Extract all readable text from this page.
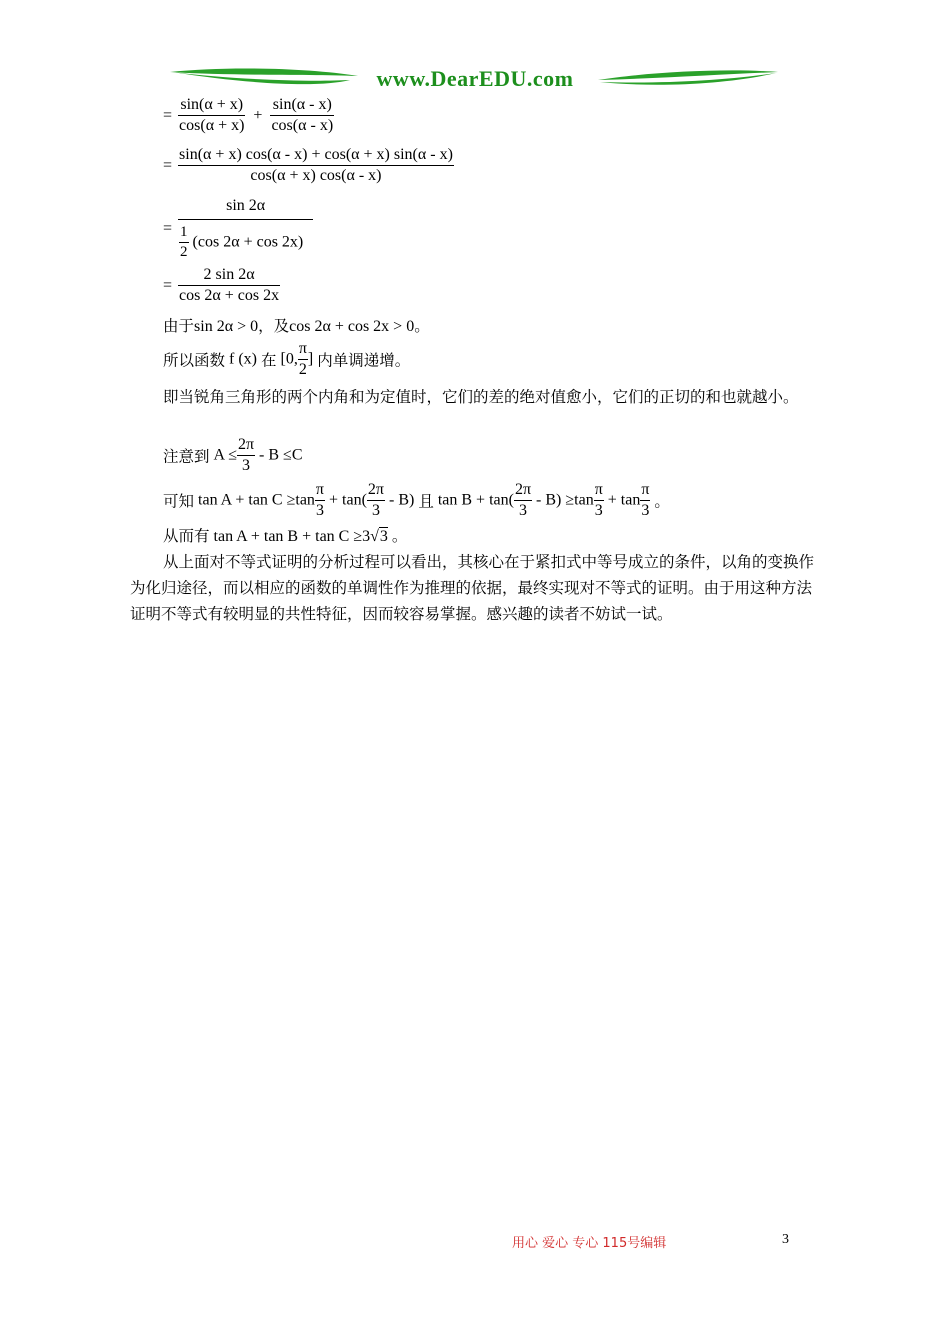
www.DearEDU.com
= $\frac{\sin(\alpha + x)}{\cos(\alpha + x)} + \frac{\sin(\alpha - x)}{\cos(\alpha - x)}$
= $\frac{\sin(\alpha + x) \cos(\alpha - x) + \cos(\alpha + x) \sin(\alpha - x)}{\cos(\alpha + x) \cos(\alpha - x)}$
= $\frac{\sin 2\alpha}{\frac{1}{2} (\cos 2\alpha + \cos 2x)}$
= $\frac{2 \sin 2\alpha}{\cos 2\alpha + \cos 2x}$
由于sin 2α > 0，及cos 2α + cos 2x > 0。
所以函数 f (x) 在 [0, $\frac{\pi}{2}$ ] 内单调递增。
即当锐角三角形的两个内角和为定值时，它们的差的绝对值愈小，它们的正切的和也就越小。
注意到 $A \le \frac{2\pi}{3} - B \le C$
可知 $\tan A + \tan C \ge\tan \frac{\pi}{3} + \tan( \frac{2\pi}{3} - B)$ 且 $\tan B + \tan( \frac{2\pi}{3} - B) \ge\tan \frac{\pi}{3} + \tan \frac{\pi}{3}$ 。
从而有 tan A + tan B + tan C ≥3√3 。
从上面对不等式证明的分析过程可以看出，其核心在于紧扣式中等号成立的条件，以角的变换作为化归途径，而以相应的函数的单调性作为推理的依据，最终实现对不等式的证明。由于用这种方法证明不等式有较明显的共性特征，因而较容易掌握。感兴趣的读者不妨试一试。
用心 爱心 专心 115号编辑	3
